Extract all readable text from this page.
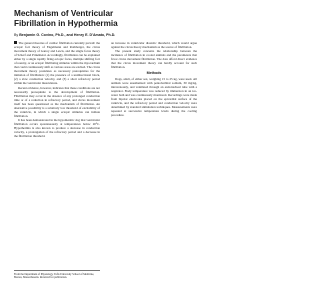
Mechanism of Ventricular
Fibrillation in Hypothermia

By Benjamin G. Covino, Ph.D., and Henry E. D'Amato, Ph.D.

The general theories of cardiac fibrillation currently prevail: the ectopic foci theory of Engelmann and Rothberger, the circus movement theory of Garrey and Lewis, and the single focus theory of Scherf and Prinzmetal. Accordingly, fibrillation can be explained either by a single rapidly firing ectopic focus, multiple shifting foci of reentry, or an ectopic fibrillating stimulus within the myocardium that could continuously shift as various areas are excited. The circus movement theory postulates as necessary prerequisites for the initiation of fibrillation: (1) the presence of a unidirectional block, (2) a slow conduction velocity, and (3) a short refractory period within the ventricular musculature.

Recent evidence, however, indicates that these conditions are not necessarily prerequisite to the development of fibrillation. Fibrillation may occur in the absence of any prolonged conduction time or of a reduction in refractory period, and circus movement itself has been questioned as the mechanism of fibrillation. An alternative possibility is a relatively low threshold of excitability of the ventricle, in which a single ectopic stimulus can initiate fibrillation.

It has been demonstrated in the hypothermic dog that ventricular fibrillation occurs spontaneously at temperatures below 20°C. Hypothermia is also known to produce a decrease in conduction velocity, a prolongation of the refractory period and a decrease in the fibrillation threshold.

an increase in ventricular diastolic threshold, which would argue against the circus theory mechanism as the source of fibrillation.

The present study concerns the relationship between the incidence of fibrillation in cooled animals and the parameters that favor circus movement fibrillation. The data afford direct evidence that the circus movement theory can hardly account for such fibrillation.

Methods

Dogs, adult, of either sex, weighing 15 to 25 kg, were used. All animals were anesthetized with pentobarbital sodium, 30 mg/kg, intravenously, and ventilated through an endotracheal tube with a respirator. Body temperature was reduced by immersion in an ice-water bath and was continuously monitored. Recordings were made from bipolar electrodes placed on the epicardial surface of the ventricle, and the refractory period and conduction velocity were determined by standard stimulation techniques. Measurements were repeated at successive temperature levels during the cooling procedure.

From the Department of Physiology, Tufts University School of Medicine, Boston, Massachusetts. Received for publication.
